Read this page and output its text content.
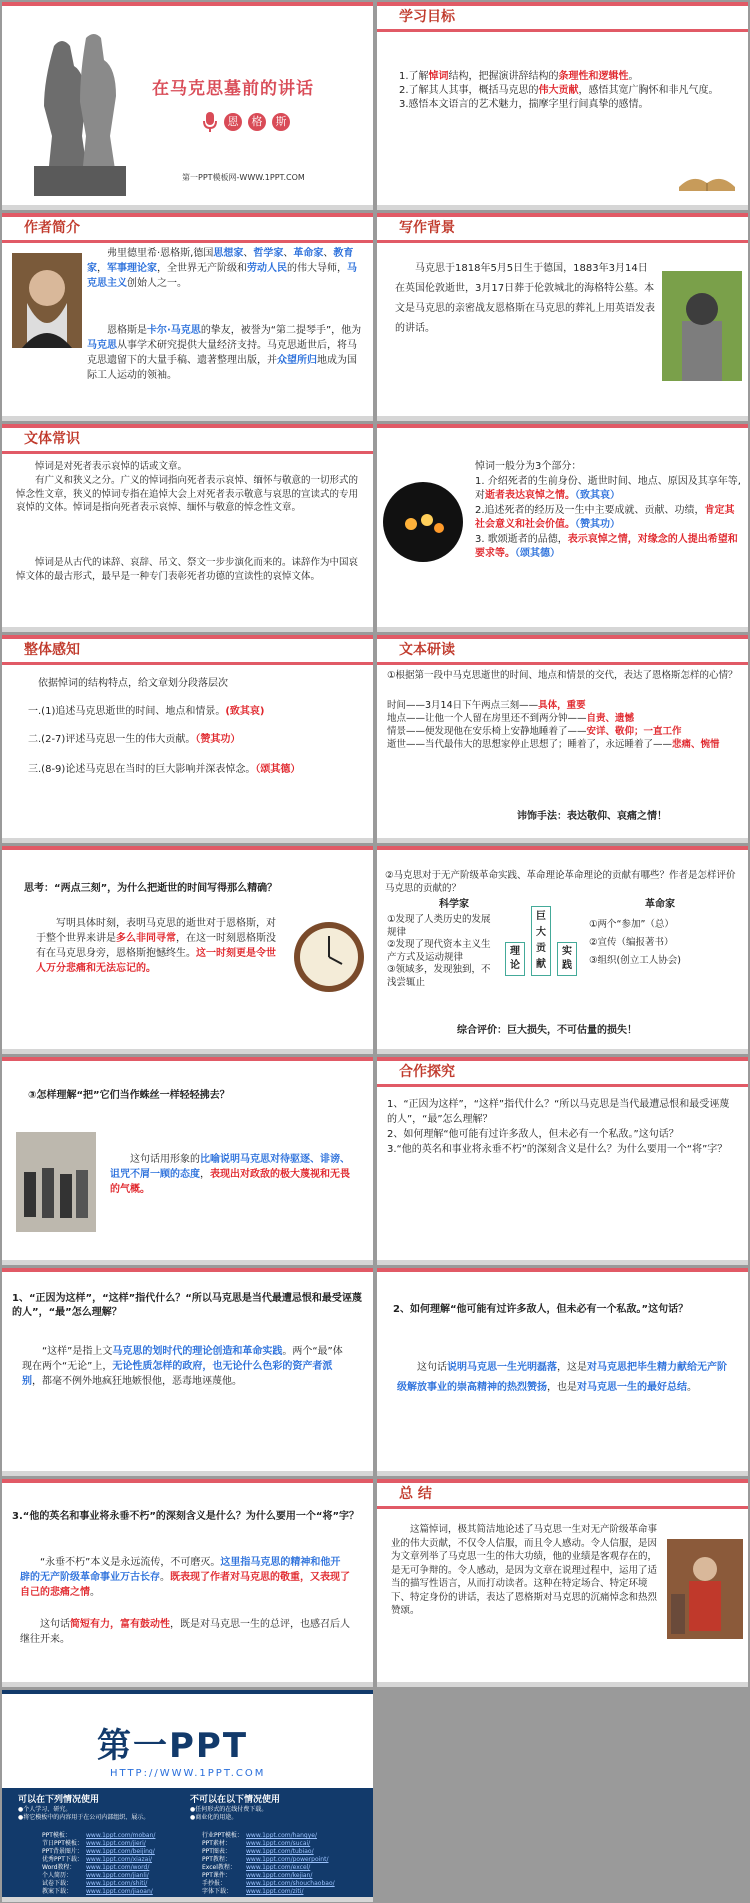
在马克思墓前的讲话
恩	格	斯
第一PPT模板网-WWW.1PPT.COM
学习目标
1.了解悼词结构，把握演讲辞结构的条理性和逻辑性。
2.了解其人其事，概括马克思的伟大贡献，感悟其宽广胸怀和非凡气度。
3.感悟本文语言的艺术魅力，揣摩字里行间真挚的感情。
作者简介
弗里德里希·恩格斯,德国思想家、哲学家、革命家、教育家，军事理论家，全世界无产阶级和劳动人民的伟大导师，马克思主义创始人之一。
恩格斯是卡尔·马克思的挚友，被誉为“第二提琴手”，他为马克思从事学术研究提供大量经济支持。马克思逝世后，将马克思遗留下的大量手稿、遗著整理出版，并众望所归地成为国际工人运动的领袖。
写作背景
马克思于1818年5月5日生于德国，1883年3月14日在英国伦敦逝世，3月17日葬于伦敦城北的海格特公墓。本文是马克思的亲密战友恩格斯在马克思的葬礼上用英语发表的讲话。
文体常识
悼词是对死者表示哀悼的话或文章。
有广义和狭义之分。广义的悼词指向死者表示哀悼、缅怀与敬意的一切形式的悼念性文章，狭义的悼词专指在追悼大会上对死者表示敬意与哀思的宣读式的专用哀悼的文体。悼词是指向死者表示哀悼、缅怀与敬意的悼念性文章。
悼词是从古代的诔辞、哀辞、吊文、祭文一步步演化而来的。诔辞作为中国哀悼文体的最古形式，最早是一种专门表彰死者功德的宣读性的哀悼文体。
悼词一般分为3个部分：
1. 介绍死者的生前身份、逝世时间、地点、原因及其享年等,对逝者表达哀悼之情。（致其哀）
2.追述死者的经历及一生中主要成就、贡献、功绩，肯定其社会意义和社会价值。（赞其功）
3. 歌颂逝者的品德，表示哀悼之情，对缘念的人提出希望和要求等。（颂其德）
整体感知
依据悼词的结构特点，给文章划分段落层次
一.(1)追述马克思逝世的时间、地点和情景。(致其哀)
二.(2-7)评述马克思一生的伟大贡献。（赞其功）
三.(8-9)论述马克思在当时的巨大影响并深表悼念。（颂其德）
文本研读
①根据第一段中马克思逝世的时间、地点和情景的交代，表达了恩格斯怎样的心情？
时间——3月14日下午两点三刻——具体，重要
地点——让他一个人留在房里还不到两分钟——自责、遗憾
情景——便发现他在安乐椅上安静地睡着了——安详、敬仰；一直工作
逝世——当代最伟大的思想家停止思想了；睡着了，永远睡着了——悲痛、惋惜
讳饰手法：表达敬仰、哀痛之情！
思考：“两点三刻”，为什么把逝世的时间写得那么精确？
写明具体时刻，表明马克思的逝世对于恩格斯，对于整个世界来讲是多么非同寻常，在这一时刻恩格斯没有在马克思身旁，恩格斯抱憾终生。这一时刻更是令世人万分悲痛和无法忘记的。
②马克思对于无产阶级革命实践、革命理论革命理论的贡献有哪些？作者是怎样评价马克思的贡献的？
科学家	革命家
①发现了人类历史的发展规律
②发现了现代资本主义生产方式及运动规律
③领域多，发现独到，不浅尝辄止
理论
巨大贡献
实践
①两个“参加”（总）
②宣传（编报著书）
③组织(创立工人协会)
综合评价：巨大损失，不可估量的损失！
③怎样理解“把”它们当作蛛丝一样轻轻拂去？
这句话用形象的比喻说明马克思对待驱逐、诽谤、诅咒不屑一顾的态度，表现出对政敌的极大蔑视和无畏的气概。
合作探究
1、“正因为这样”，“这样”指代什么？“所以马克思是当代最遭忌恨和最受诬蔑的人”，“最”怎么理解？
2、如何理解“他可能有过许多敌人，但未必有一个私敌。”这句话？
3.“他的英名和事业将永垂不朽”的深刻含义是什么？为什么要用一个“将”字？
1、“正因为这样”，“这样”指代什么？“所以马克思是当代最遭忌恨和最受诬蔑的人”，“最”怎么理解？
“这样”是指上文马克思的划时代的理论创造和革命实践。两个“最”体现在两个“无论”上，无论性质怎样的政府，也无论什么色彩的资产者派别，都毫不例外地疯狂地嫉恨他，恶毒地诬蔑他。
2、如何理解“他可能有过许多敌人，但未必有一个私敌。”这句话？
这句话说明马克思一生光明磊落，这是对马克思把毕生精力献给无产阶级解放事业的崇高精神的热烈赞扬，也是对马克思一生的最好总结。
3.“他的英名和事业将永垂不朽”的深刻含义是什么？为什么要用一个“将”字？
“永垂不朽”本义是永远流传，不可磨灭。这里指马克思的精神和他开辟的无产阶级革命事业万古长存。既表现了作者对马克思的敬重，又表现了自己的悲痛之情。
这句话简短有力，富有鼓动性，既是对马克思一生的总评，也感召后人继往开来。
总 结
这篇悼词，极其简洁地论述了马克思一生对无产阶级革命事业的伟大贡献，不仅令人信服，而且令人感动。令人信服，是因为文章列举了马克思一生的伟大功绩，他的业绩是客观存在的，是无可争辩的。令人感动，是因为文章在说理过程中，运用了适当的描写性语言，从而打动读者。这种在特定场合、特定环境下、特定身份的讲话，表达了恩格斯对马克思的沉痛悼念和热烈赞颂。
第一PPT
HTTP://WWW.1PPT.COM
可以在下列情况使用
●个人学习、研究。
●将它模板中的内容用于在公司内部组织、展示。
不可以在以下情况使用
●任何形式的在线付费下载。
●商业化的用途。
PPT模板：	www.1ppt.com/moban/
节日PPT模板： www.1ppt.com/jieri/
PPT背景图片： www.1ppt.com/beijing/
优秀PPT下载： www.1ppt.com/xiazai/
Word教程：	www.1ppt.com/word/
个人简历：	www.1ppt.com/jianli/
试卷下载：	www.1ppt.com/shiti/
教案下载：	www.1ppt.com/jiaoan/
行业PPT模板： www.1ppt.com/hangye/
PPT素材：	www.1ppt.com/sucai/
PPT图表：	www.1ppt.com/tubiao/
PPT教程：	www.1ppt.com/powerpoint/
Excel教程：	www.1ppt.com/excel/
PPT课件：	www.1ppt.com/kejian/
手抄报：	www.1ppt.com/shouchaobao/
字体下载：	www.1ppt.com/ziti/
